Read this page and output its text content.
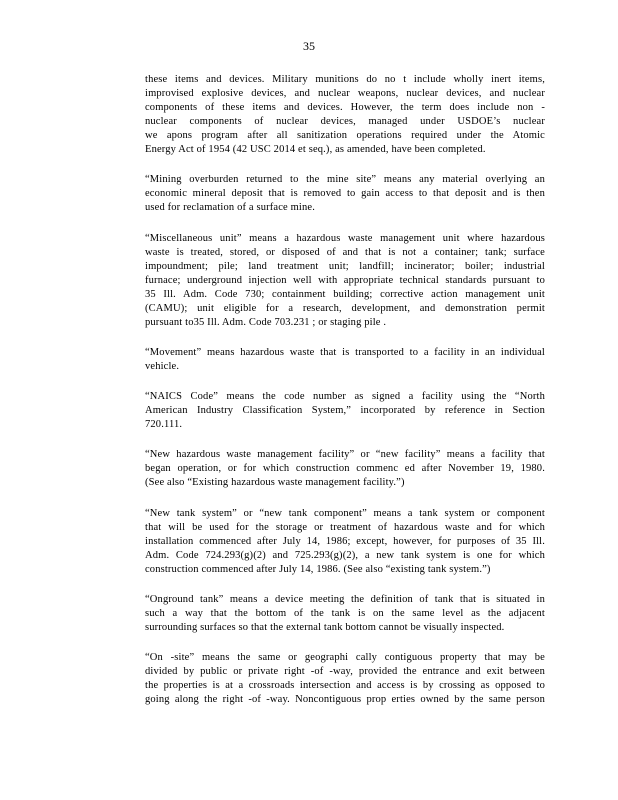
35
these items and devices. Military munitions do no t include wholly inert items,
improvised explosive devices, and nuclear weapons, nuclear devices, and nuclear
components of these items and devices. However, the term does include non -
nuclear components of nuclear devices, managed under USDOE’s nuclear
we apons program after all sanitization operations required under the Atomic
Energy Act of 1954 (42 USC 2014 et seq.), as amended, have been completed.
“Mining overburden returned to the mine site” means any material overlying an
economic mineral deposit that is removed to gain access to that deposit and is then
used for reclamation of a surface mine.
“Miscellaneous unit” means a hazardous waste management unit where hazardous
waste is treated, stored, or disposed of and that is not a container; tank; surface
impoundment; pile; land treatment unit; landfill; incinerator; boiler; industrial
furnace; underground injection well with appropriate technical standards pursuant to
35 Ill. Adm. Code 730; containment building; corrective action management unit
(CAMU); unit eligible for a research, development, and demonstration permit
pursuant to35 Ill. Adm. Code 703.231 ; or staging pile .
“Movement” means hazardous waste that is transported to a facility in an individual
vehicle.
“NAICS Code” means the code number as signed a facility using the “North
American Industry Classification System,” incorporated by reference in Section
720.111.
“New hazardous waste management facility” or “new facility” means a facility that
began operation, or for which construction commenc ed after November 19, 1980.
(See also “Existing hazardous waste management facility.”)
“New tank system” or “new tank component” means a tank system or component
that will be used for the storage or treatment of hazardous waste and for which
installation commenced after July 14, 1986; except, however, for purposes of 35 Ill.
Adm. Code 724.293(g)(2) and 725.293(g)(2), a new tank system is one for which
construction commenced after July 14, 1986. (See also “existing tank system.”)
“Onground tank” means a device meeting the definition of tank that is situated in
such a way that the bottom of the tank is on the same level as the adjacent
surrounding surfaces so that the external tank bottom cannot be visually inspected.
“On -site” means the same or geographi cally contiguous property that may be
divided by public or private right -of -way, provided the entrance and exit between
the properties is at a crossroads intersection and access is by crossing as opposed to
going along the right -of -way. Noncontiguous prop erties owned by the same person
